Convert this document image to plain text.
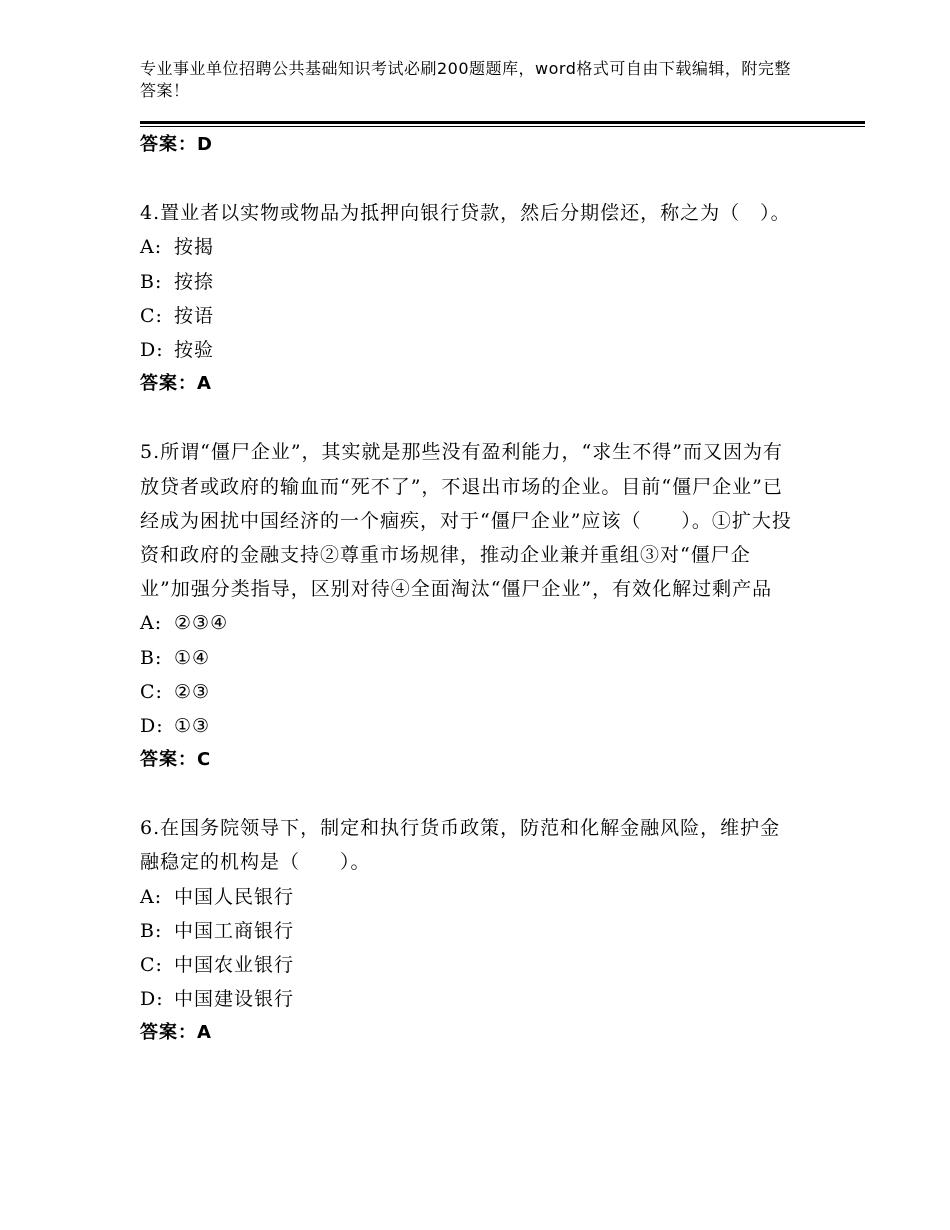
专业事业单位招聘公共基础知识考试必刷200题题库，word格式可自由下载编辑，附完整答案！
答案：D

4.置业者以实物或物品为抵押向银行贷款，然后分期偿还，称之为（　）。

A: 按揭
B: 按捺
C: 按语
D: 按验
答案：A

5.所谓“僵尸企业”，其实就是那些没有盈利能力，“求生不得”而又因为有放贷者或政府的输血而“死不了”，不退出市场的企业。目前“僵尸企业”已经成为困扰中国经济的一个痼疾，对于“僵尸企业”应该（　　）。①扩大投资和政府的金融支持②尊重市场规律，推动企业兼并重组③对“僵尸企业”加强分类指导，区别对待④全面淘汰“僵尸企业”，有效化解过剩产品

A: ②③④
B: ①④
C: ②③
D: ①③
答案：C

6.在国务院领导下，制定和执行货币政策，防范和化解金融风险，维护金融稳定的机构是（　　）。

A: 中国人民银行
B: 中国工商银行
C: 中国农业银行
D: 中国建设银行
答案：A
